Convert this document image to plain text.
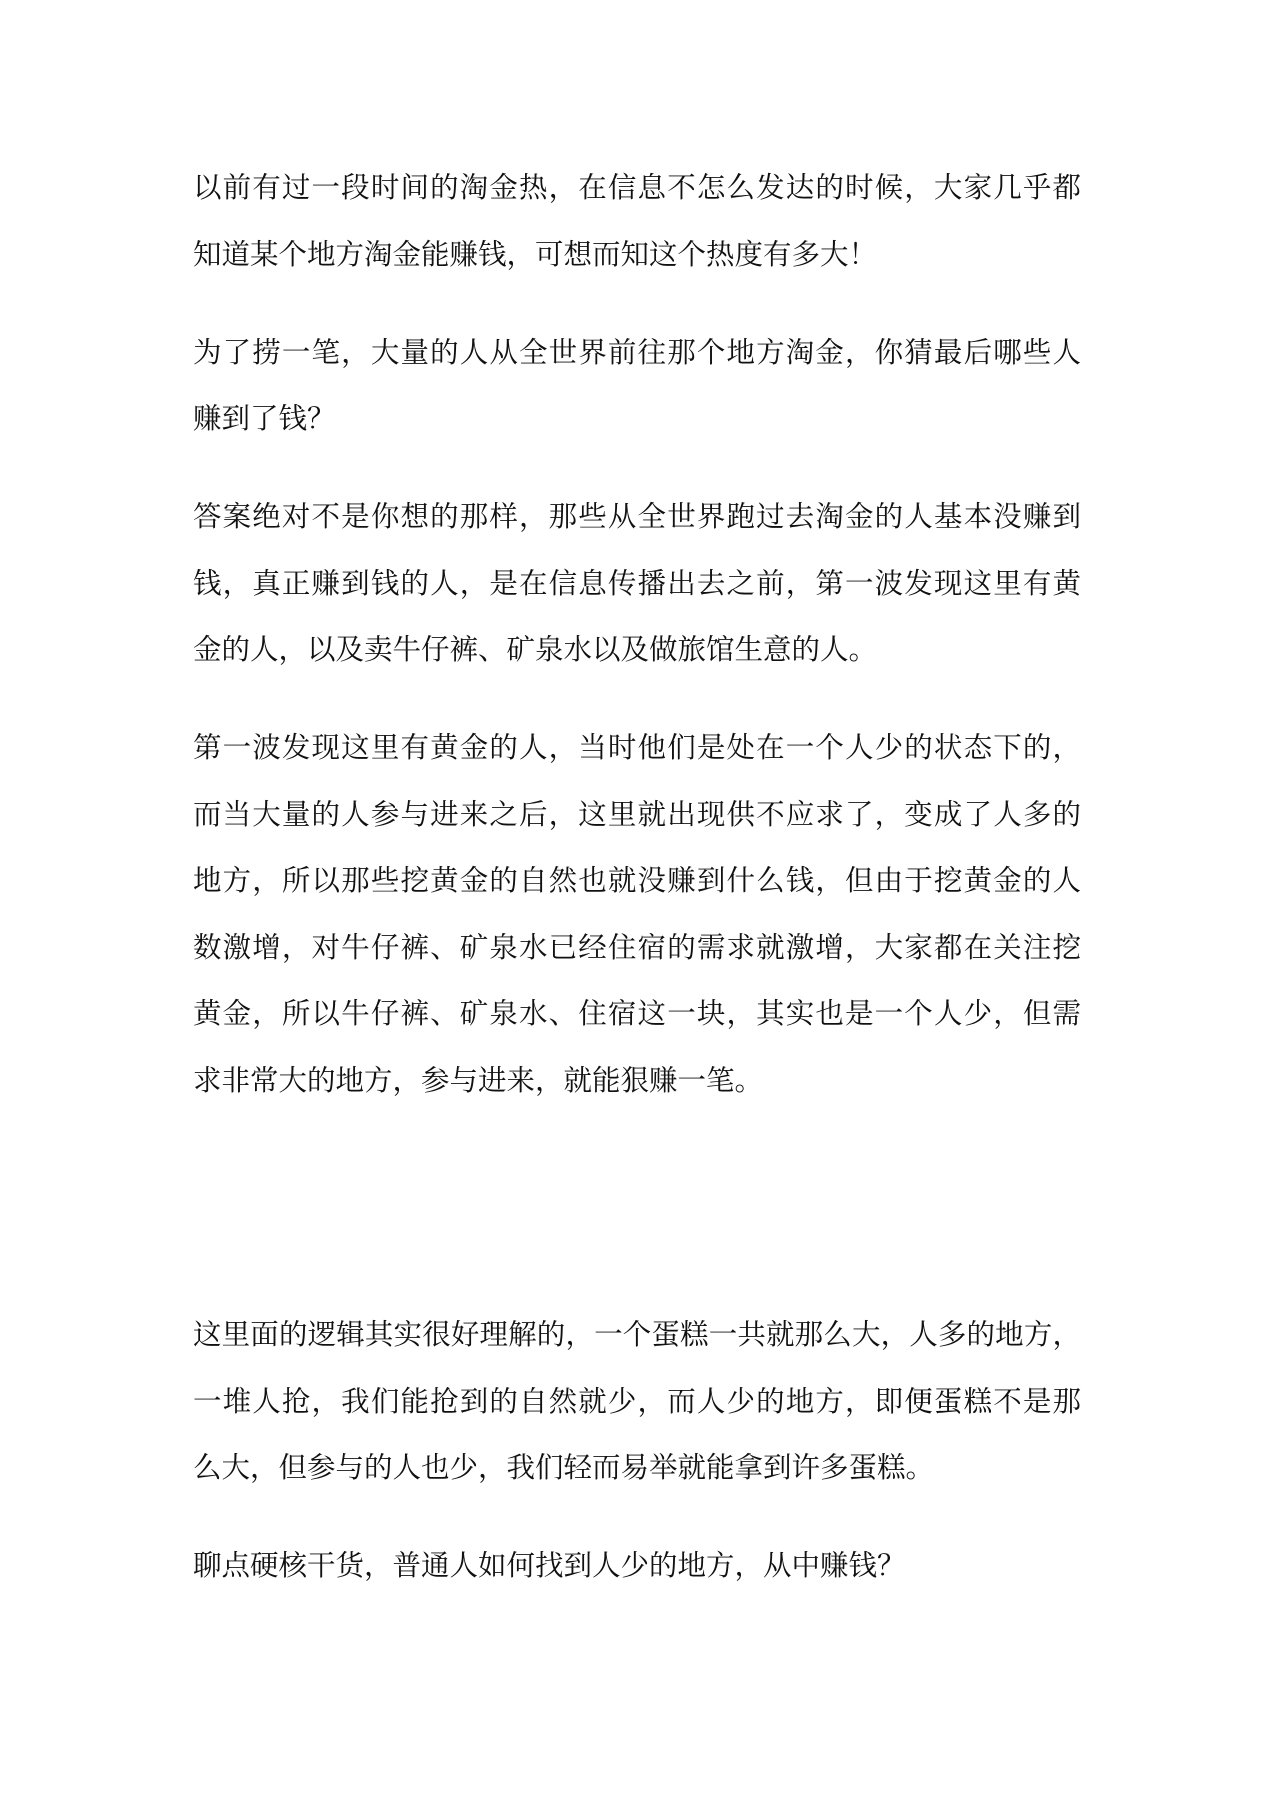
以前有过一段时间的淘金热，在信息不怎么发达的时候，大家几乎都
知道某个地方淘金能赚钱，可想而知这个热度有多大！
为了捞一笔，大量的人从全世界前往那个地方淘金，你猜最后哪些人
赚到了钱？
答案绝对不是你想的那样，那些从全世界跑过去淘金的人基本没赚到
钱，真正赚到钱的人，是在信息传播出去之前，第一波发现这里有黄
金的人，以及卖牛仔裤、矿泉水以及做旅馆生意的人。
第一波发现这里有黄金的人，当时他们是处在一个人少的状态下的，
而当大量的人参与进来之后，这里就出现供不应求了，变成了人多的
地方，所以那些挖黄金的自然也就没赚到什么钱，但由于挖黄金的人
数激增，对牛仔裤、矿泉水已经住宿的需求就激增，大家都在关注挖
黄金，所以牛仔裤、矿泉水、住宿这一块，其实也是一个人少，但需
求非常大的地方，参与进来，就能狠赚一笔。
这里面的逻辑其实很好理解的，一个蛋糕一共就那么大，人多的地方，
一堆人抢，我们能抢到的自然就少，而人少的地方，即便蛋糕不是那
么大，但参与的人也少，我们轻而易举就能拿到许多蛋糕。
聊点硬核干货，普通人如何找到人少的地方，从中赚钱？
